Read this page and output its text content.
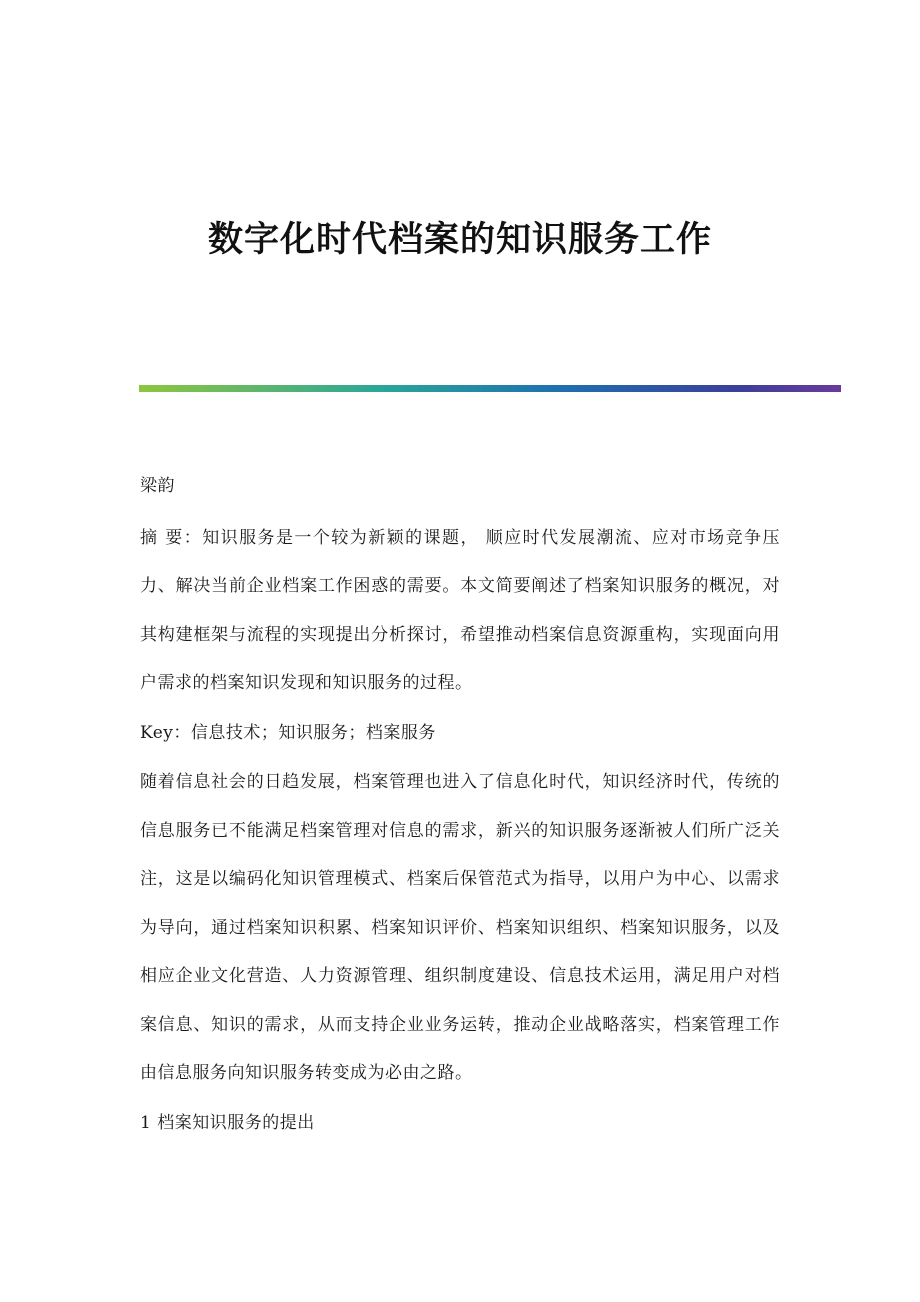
数字化时代档案的知识服务工作

梁韵

摘 要：知识服务是一个较为新颖的课题， 顺应时代发展潮流、应对市场竞争压力、解决当前企业档案工作困惑的需要。本文简要阐述了档案知识服务的概况，对其构建框架与流程的实现提出分析探讨，希望推动档案信息资源重构，实现面向用户需求的档案知识发现和知识服务的过程。

Key：信息技术；知识服务；档案服务

随着信息社会的日趋发展，档案管理也进入了信息化时代，知识经济时代，传统的信息服务已不能满足档案管理对信息的需求，新兴的知识服务逐渐被人们所广泛关注，这是以编码化知识管理模式、档案后保管范式为指导，以用户为中心、以需求为导向，通过档案知识积累、档案知识评价、档案知识组织、档案知识服务，以及相应企业文化营造、人力资源管理、组织制度建设、信息技术运用，满足用户对档案信息、知识的需求，从而支持企业业务运转，推动企业战略落实，档案管理工作由信息服务向知识服务转变成为必由之路。

1 档案知识服务的提出
